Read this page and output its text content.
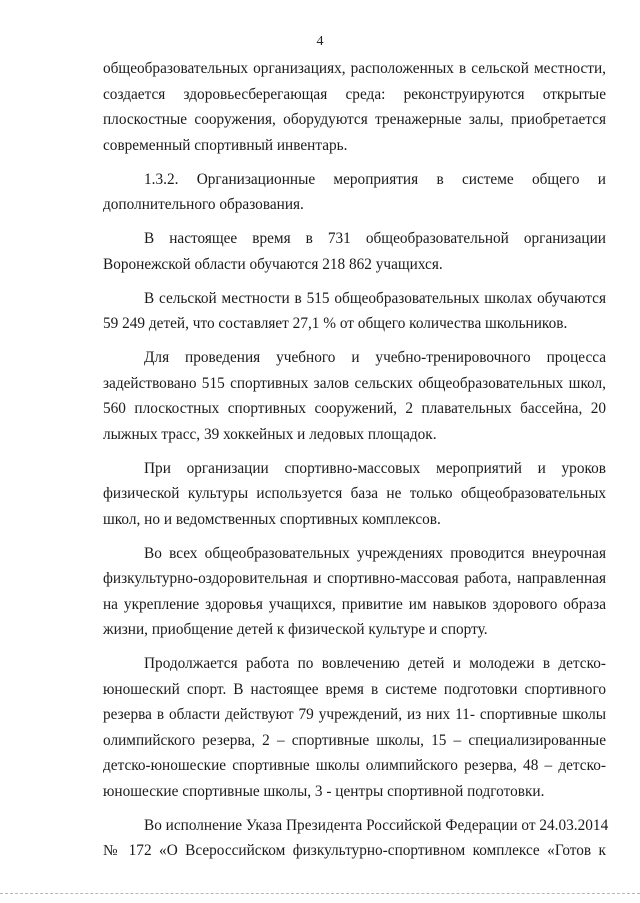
4
общеобразовательных организациях, расположенных в сельской местности,
создается здоровьесберегающая среда: реконструируются открытые
плоскостные сооружения, оборудуются тренажерные залы, приобретается
современный спортивный инвентарь.
1.3.2. Организационные мероприятия в системе общего и
дополнительного образования.
В настоящее время в 731 общеобразовательной организации
Воронежской области обучаются 218 862 учащихся.
В сельской местности в 515 общеобразовательных школах обучаются
59 249 детей, что составляет 27,1 % от общего количества школьников.
Для проведения учебного и учебно-тренировочного процесса
задействовано 515 спортивных залов сельских общеобразовательных школ,
560 плоскостных спортивных сооружений, 2 плавательных бассейна, 20
лыжных трасс, 39 хоккейных и ледовых площадок.
При организации спортивно-массовых мероприятий и уроков
физической культуры используется база не только общеобразовательных
школ, но и ведомственных спортивных комплексов.
Во всех общеобразовательных учреждениях проводится внеурочная
физкультурно-оздоровительная и спортивно-массовая работа, направленная
на укрепление здоровья учащихся, привитие им навыков здорового образа
жизни, приобщение детей к физической культуре и спорту.
Продолжается работа по вовлечению детей и молодежи в детско-
юношеский спорт. В настоящее время в системе подготовки спортивного
резерва в области действуют 79 учреждений, из них 11- спортивные школы
олимпийского резерва, 2 – спортивные школы, 15 – специализированные
детско-юношеские спортивные школы олимпийского резерва, 48 – детско-
юношеские спортивные школы, 3 - центры спортивной подготовки.
Во исполнение Указа Президента Российской Федерации от 24.03.2014
№ 172 «О Всероссийском физкультурно-спортивном комплексе «Готов к
